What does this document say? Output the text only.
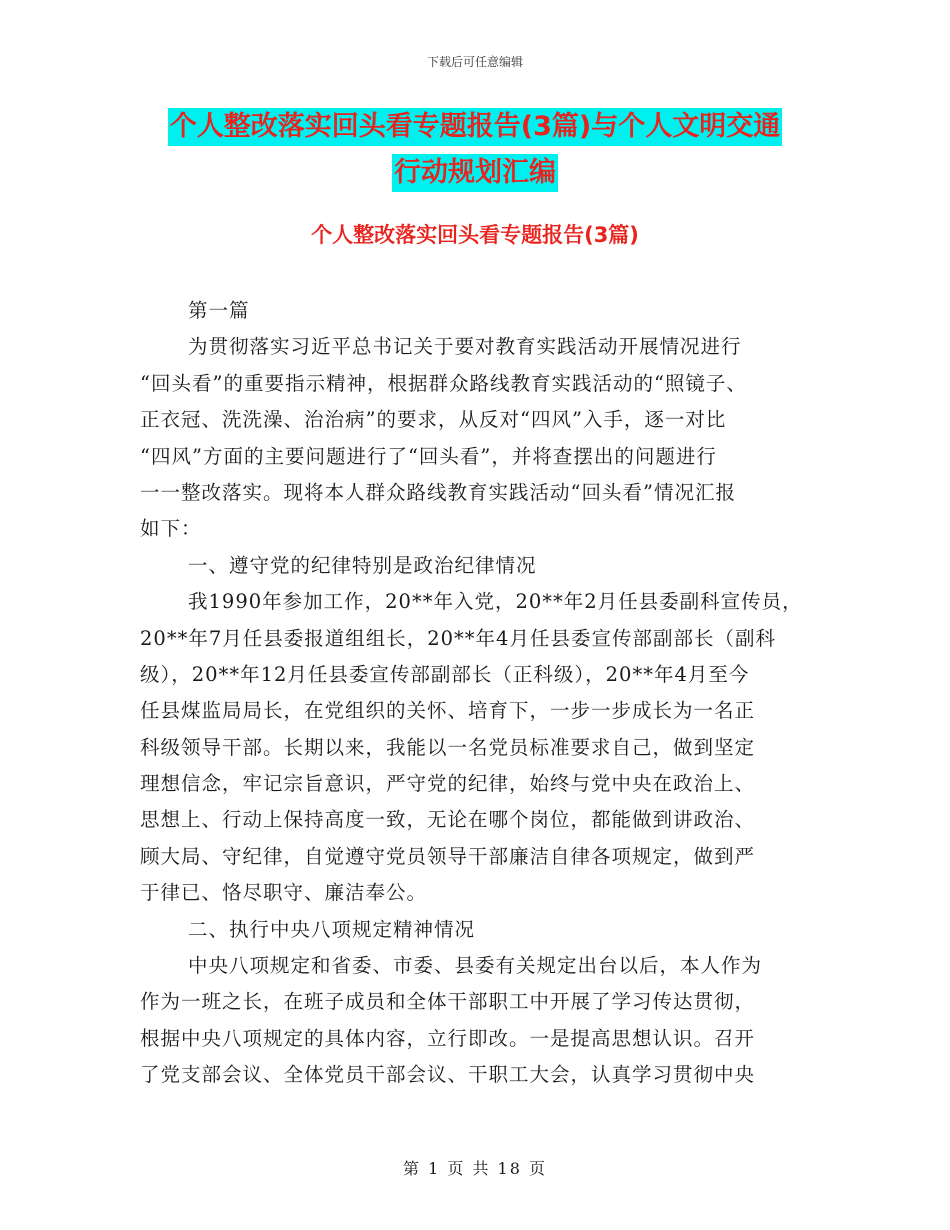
下载后可任意编辑
个人整改落实回头看专题报告(3篇)与个人文明交通
行动规划汇编
个人整改落实回头看专题报告(3篇)
第一篇
为贯彻落实习近平总书记关于要对教育实践活动开展情况进行
“回头看”的重要指示精神，根据群众路线教育实践活动的“照镜子、
正衣冠、洗洗澡、治治病”的要求，从反对“四风”入手，逐一对比
“四风”方面的主要问题进行了“回头看”，并将查摆出的问题进行
一一整改落实。现将本人群众路线教育实践活动“回头看”情况汇报
如下：
一、遵守党的纪律特别是政治纪律情况
我1990年参加工作，20**年入党，20**年2月任县委副科宣传员，
20**年7月任县委报道组组长，20**年4月任县委宣传部副部长（副科
级），20**年12月任县委宣传部副部长（正科级），20**年4月至今
任县煤监局局长，在党组织的关怀、培育下，一步一步成长为一名正
科级领导干部。长期以来，我能以一名党员标准要求自己，做到坚定
理想信念，牢记宗旨意识，严守党的纪律，始终与党中央在政治上、
思想上、行动上保持高度一致，无论在哪个岗位，都能做到讲政治、
顾大局、守纪律，自觉遵守党员领导干部廉洁自律各项规定，做到严
于律已、恪尽职守、廉洁奉公。
二、执行中央八项规定精神情况
中央八项规定和省委、市委、县委有关规定出台以后，本人作为
作为一班之长，在班子成员和全体干部职工中开展了学习传达贯彻，
根据中央八项规定的具体内容，立行即改。一是提高思想认识。召开
了党支部会议、全体党员干部会议、干职工大会，认真学习贯彻中央
第 1 页 共 18 页
